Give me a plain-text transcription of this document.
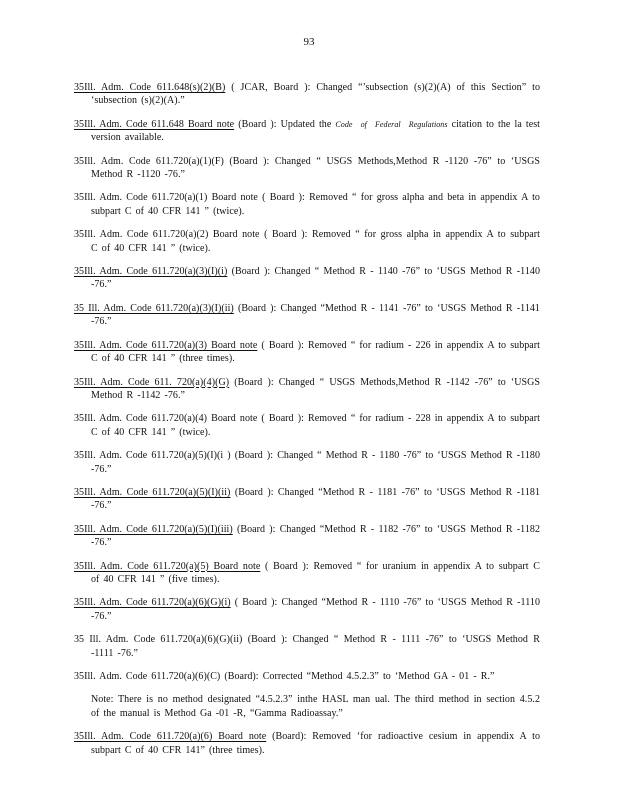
93

35Ill. Adm. Code 611.648(s)(2)(B) ( JCAR, Board ): Changed “’subsection (s)(2)(A) of this Section” to ‘subsection (s)(2)(A).”

35Ill. Adm. Code 611.648 Board note (Board ): Updated the Code of Federal Regulations citation to the la test version available.

35Ill. Adm. Code 611.720(a)(1)(F) (Board ): Changed “ USGS Methods,Method R -1120 -76” to ‘USGS Method R -1120 -76.”

35Ill. Adm. Code 611.720(a)(1) Board note ( Board ): Removed “ for gross alpha and beta in appendix A to subpart C of 40 CFR 141 ” (twice).

35Ill. Adm. Code 611.720(a)(2) Board note ( Board ): Removed “ for gross alpha in appendix A to subpart C of 40 CFR 141 ” (twice).

35Ill. Adm. Code 611.720(a)(3)(I)(i) (Board ): Changed “ Method R - 1140 -76” to ‘USGS Method R -1140 -76.”

35 Ill. Adm. Code 611.720(a)(3)(I)(ii) (Board ): Changed “Method R - 1141 -76” to ‘USGS Method R -1141 -76.”

35Ill. Adm. Code 611.720(a)(3) Board note ( Board ): Removed “ for radium - 226 in appendix A to subpart C of 40 CFR 141 ” (three times).

35Ill. Adm. Code 611. 720(a)(4)(G) (Board ): Changed “ USGS Methods,Method R -1142 -76” to ‘USGS Method R -1142 -76.”

35Ill. Adm. Code 611.720(a)(4) Board note ( Board ): Removed “ for radium - 228 in appendix A to subpart C of 40 CFR 141 ” (twice).

35Ill. Adm. Code 611.720(a)(5)(I)(i ) (Board ): Changed “ Method R - 1180 -76” to ‘USGS Method R -1180 -76.”

35Ill. Adm. Code 611.720(a)(5)(I)(ii) (Board ): Changed “Method R - 1181 -76” to ‘USGS Method R -1181 -76.”

35Ill. Adm. Code 611.720(a)(5)(I)(iii) (Board ): Changed “Method R - 1182 -76” to ‘USGS Method R -1182 -76.”

35Ill. Adm. Code 611.720(a)(5) Board note ( Board ): Removed “ for uranium in appendix A to subpart C of 40 CFR 141 ” (five times).

35Ill. Adm. Code 611.720(a)(6)(G)(i) ( Board ): Changed “Method R - 1110 -76” to ‘USGS Method R -1110 -76.”

35 Ill. Adm. Code 611.720(a)(6)(G)(ii) (Board ): Changed “ Method R - 1111 -76” to ‘USGS Method R -1111 -76.”

35Ill. Adm. Code 611.720(a)(6)(C) (Board): Corrected “Method 4.5.2.3” to ‘Method GA - 01 - R.”

Note: There is no method designated “4.5.2.3” inthe HASL man ual. The third method in section 4.5.2 of the manual is Method Ga -01 -R, “Gamma Radioassay.”

35Ill. Adm. Code 611.720(a)(6) Board note (Board): Removed ‘for radioactive cesium in appendix A to subpart C of 40 CFR 141” (three times).
